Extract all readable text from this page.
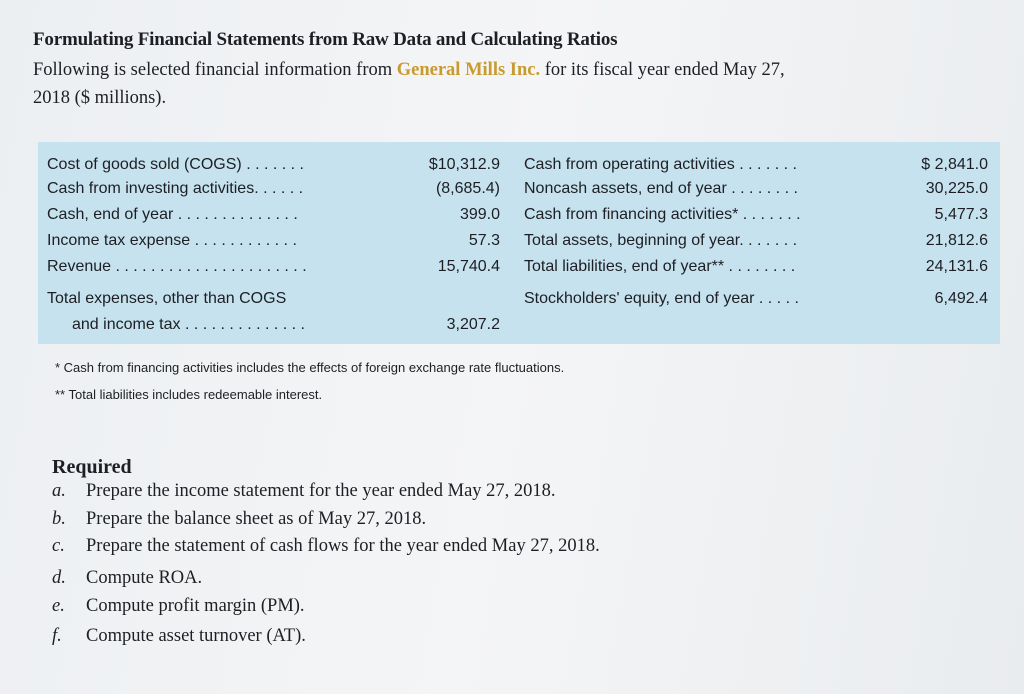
Formulating Financial Statements from Raw Data and Calculating Ratios
Following is selected financial information from General Mills Inc. for its fiscal year ended May 27,
2018 ($ millions).
Cost of goods sold (COGS) . . . . . . .	$10,312.9
Cash from investing activities. . . . . .	(8,685.4)
Cash, end of year . . . . . . . . . . . . . .	399.0
Income tax expense . . . . . . . . . . . .	57.3
Revenue . . . . . . . . . . . . . . . . . . . . . .	15,740.4
Total expenses, other than COGS
and income tax . . . . . . . . . . . . . .	3,207.2
Cash from operating activities . . . . . . .	$ 2,841.0
Noncash assets, end of year . . . . . . . .	30,225.0
Cash from financing activities* . . . . . . .	5,477.3
Total assets, beginning of year. . . . . . .	21,812.6
Total liabilities, end of year** . . . . . . . .	24,131.6
Stockholders' equity, end of year . . . . .	6,492.4
* Cash from financing activities includes the effects of foreign exchange rate fluctuations.
** Total liabilities includes redeemable interest.
Required
a. Prepare the income statement for the year ended May 27, 2018.
b. Prepare the balance sheet as of May 27, 2018.
c. Prepare the statement of cash flows for the year ended May 27, 2018.
d. Compute ROA.
e. Compute profit margin (PM).
f. Compute asset turnover (AT).
